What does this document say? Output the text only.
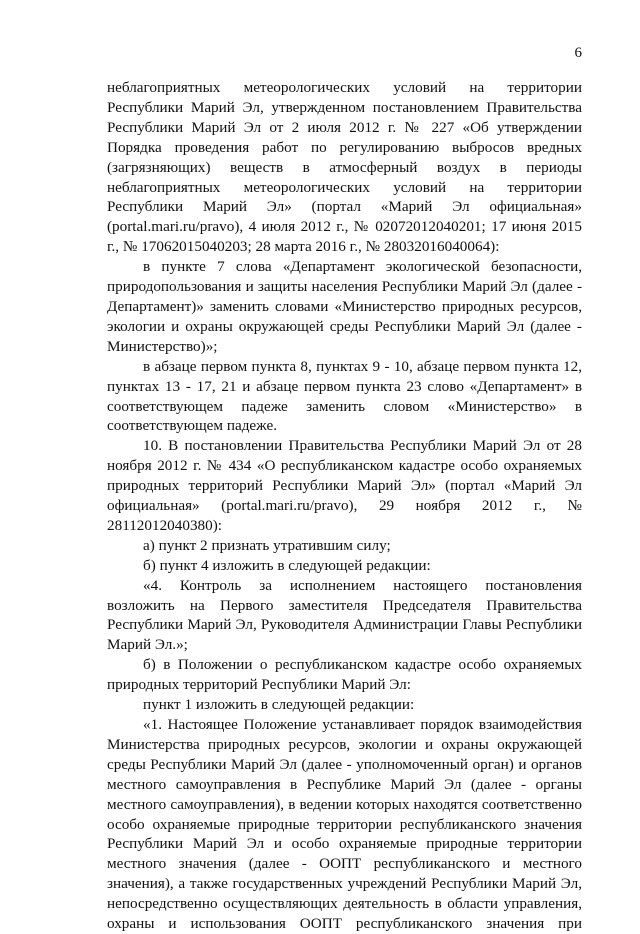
6

неблагоприятных метеорологических условий на территории Республики Марий Эл, утвержденном постановлением Правительства Республики Марий Эл от 2 июля 2012 г. № 227 «Об утверждении Порядка проведения работ по регулированию выбросов вредных (загрязняющих) веществ в атмосферный воздух в периоды неблагоприятных метеорологических условий на территории Республики Марий Эл» (портал «Марий Эл официальная» (portal.mari.ru/pravo), 4 июля 2012 г., № 02072012040201; 17 июня 2015 г., № 17062015040203; 28 марта 2016 г., № 28032016040064):

в пункте 7 слова «Департамент экологической безопасности, природопользования и защиты населения Республики Марий Эл (далее - Департамент)» заменить словами «Министерство природных ресурсов, экологии и охраны окружающей среды Республики Марий Эл (далее - Министерство)»;

в абзаце первом пункта 8, пунктах 9 - 10, абзаце первом пункта 12, пунктах 13 - 17, 21 и абзаце первом пункта 23 слово «Департамент» в соответствующем падеже заменить словом «Министерство» в соответствующем падеже.

10. В постановлении Правительства Республики Марий Эл от 28 ноября 2012 г. № 434 «О республиканском кадастре особо охраняемых природных территорий Республики Марий Эл» (портал «Марий Эл официальная» (portal.mari.ru/pravo), 29 ноября 2012 г., № 28112012040380):

а) пункт 2 признать утратившим силу;

б) пункт 4 изложить в следующей редакции:

«4. Контроль за исполнением настоящего постановления возложить на Первого заместителя Председателя Правительства Республики Марий Эл, Руководителя Администрации Главы Республики Марий Эл.»;

б) в Положении о республиканском кадастре особо охраняемых природных территорий Республики Марий Эл:

пункт 1 изложить в следующей редакции:

«1. Настоящее Положение устанавливает порядок взаимодействия Министерства природных ресурсов, экологии и охраны окружающей среды Республики Марий Эл (далее - уполномоченный орган) и органов местного самоуправления в Республике Марий Эл (далее - органы местного самоуправления), в ведении которых находятся соответственно особо охраняемые природные территории республиканского значения Республики Марий Эл и особо охраняемые природные территории местного значения (далее - ООПТ республиканского и местного значения), а также государственных учреждений Республики Марий Эл, непосредственно осуществляющих деятельность в области управления, охраны и использования ООПТ республиканского значения при
